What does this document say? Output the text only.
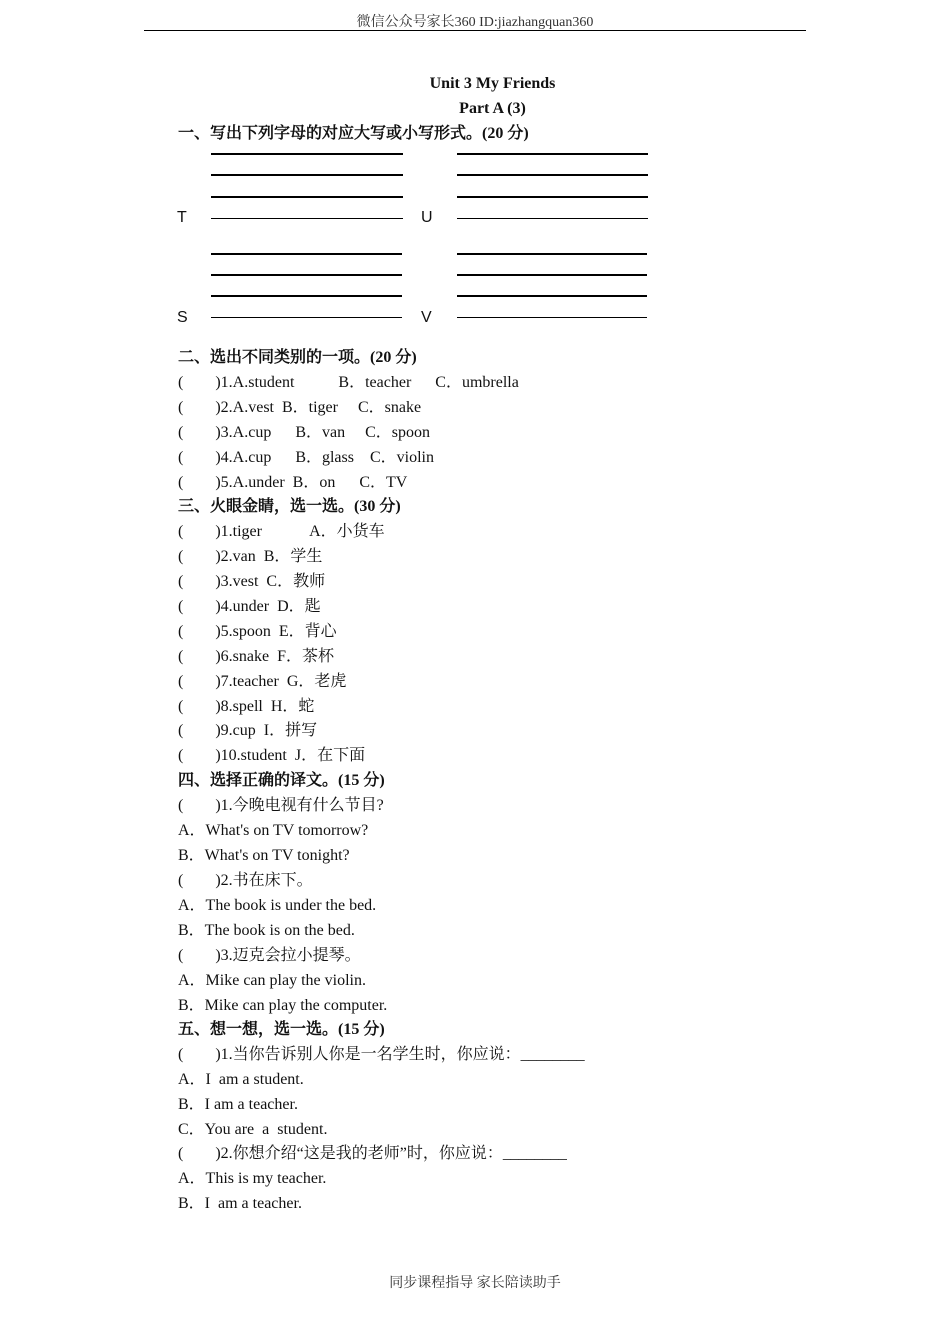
微信公众号家长360 ID:jiazhangquan360
Unit 3 My Friends
Part A (3)
一、写出下列字母的对应大写或小写形式。(20 分)
T	U
S	V
二、选出不同类别的一项。(20 分)
(        )1.A.student           B．teacher      C．umbrella
(        )2.A.vest  B．tiger     C．snake
(        )3.A.cup      B．van     C．spoon
(        )4.A.cup      B．glass    C．violin
(        )5.A.under  B．on      C．TV
三、火眼金睛，选一选。(30 分)
(        )1.tiger            A．小货车
(        )2.van  B．学生
(        )3.vest  C．教师
(        )4.under  D．匙
(        )5.spoon  E．背心
(        )6.snake  F．茶杯
(        )7.teacher  G．老虎
(        )8.spell  H．蛇
(        )9.cup  I．拼写
(        )10.student  J．在下面
四、选择正确的译文。(15 分)
(        )1.今晚电视有什么节目?
A．What's on TV tomorrow?
B．What's on TV tonight?
(        )2.书在床下。
A．The book is under the bed.
B．The book is on the bed.
(        )3.迈克会拉小提琴。
A．Mike can play the violin.
B．Mike can play the computer.
五、想一想，选一选。(15 分)
(        )1.当你告诉别人你是一名学生时，你应说：________
A．I  am a student.
B．I am a teacher.
C．You are  a  student.
(        )2.你想介绍“这是我的老师”时，你应说：________
A．This is my teacher.
B．I  am a teacher.
同步课程指导 家长陪读助手
